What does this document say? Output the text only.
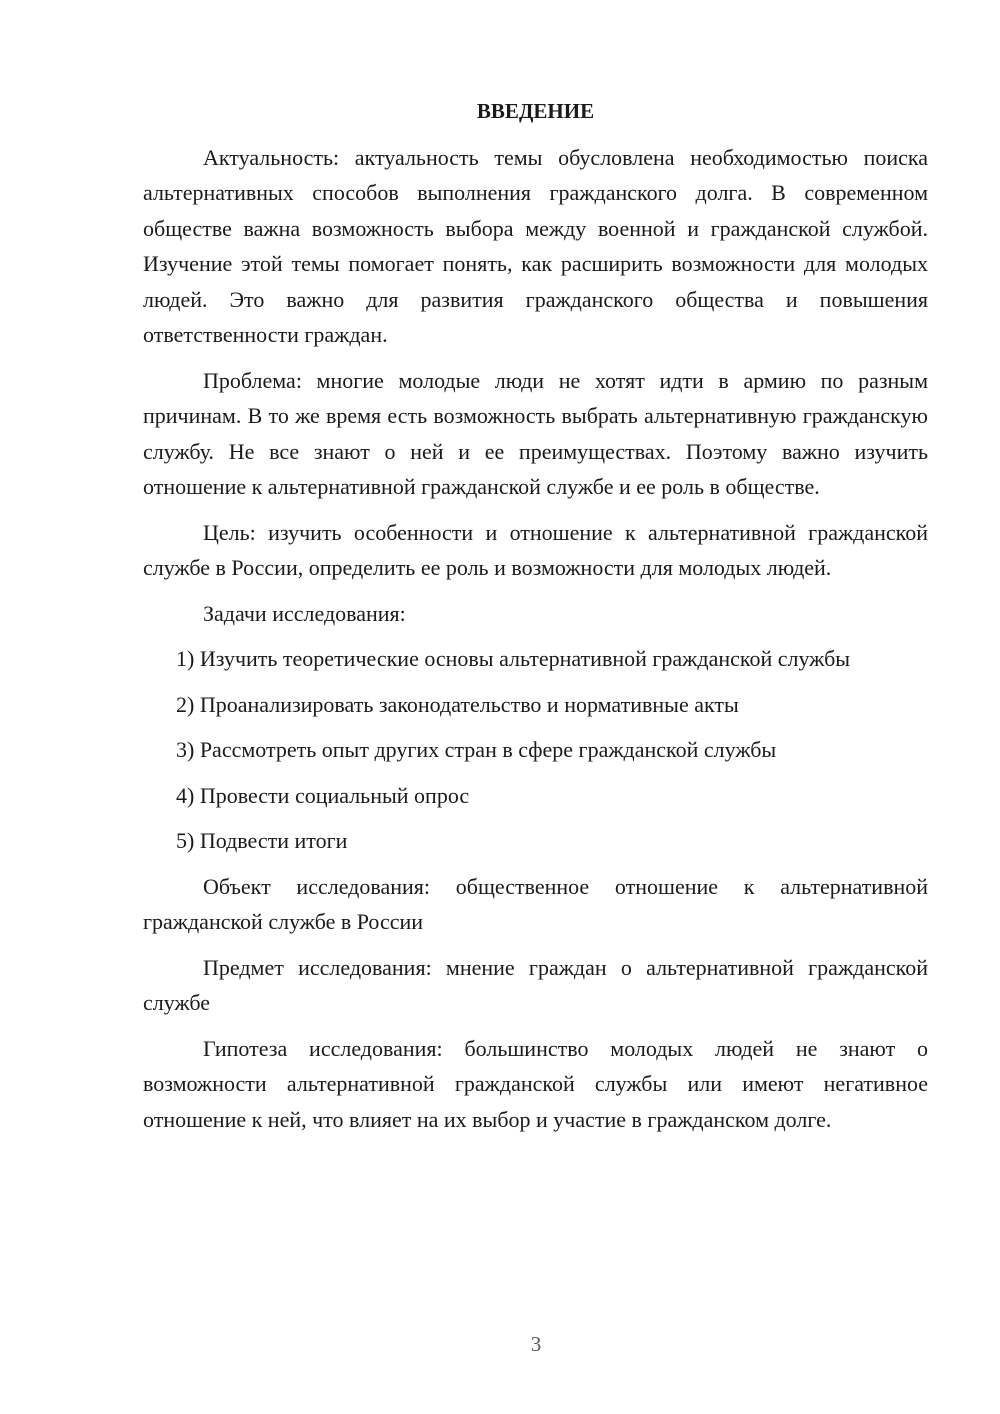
ВВЕДЕНИЕ

Актуальность: актуальность темы обусловлена необходимостью поиска альтернативных способов выполнения гражданского долга. В современном обществе важна возможность выбора между военной и гражданской службой. Изучение этой темы помогает понять, как расширить возможности для молодых людей. Это важно для развития гражданского общества и повышения ответственности граждан.

Проблема: многие молодые люди не хотят идти в армию по разным причинам. В то же время есть возможность выбрать альтернативную гражданскую службу. Не все знают о ней и ее преимуществах. Поэтому важно изучить отношение к альтернативной гражданской службе и ее роль в обществе.

Цель: изучить особенности и отношение к альтернативной гражданской службе в России, определить ее роль и возможности для молодых людей.

Задачи исследования:

1) Изучить теоретические основы альтернативной гражданской службы

2) Проанализировать законодательство и нормативные акты

3) Рассмотреть опыт других стран в сфере гражданской службы

4) Провести социальный опрос

5) Подвести итоги

Объект исследования: общественное отношение к альтернативной гражданской службе в России

Предмет исследования: мнение граждан о альтернативной гражданской службе

Гипотеза исследования: большинство молодых людей не знают о возможности альтернативной гражданской службы или имеют негативное отношение к ней, что влияет на их выбор и участие в гражданском долге.

3
